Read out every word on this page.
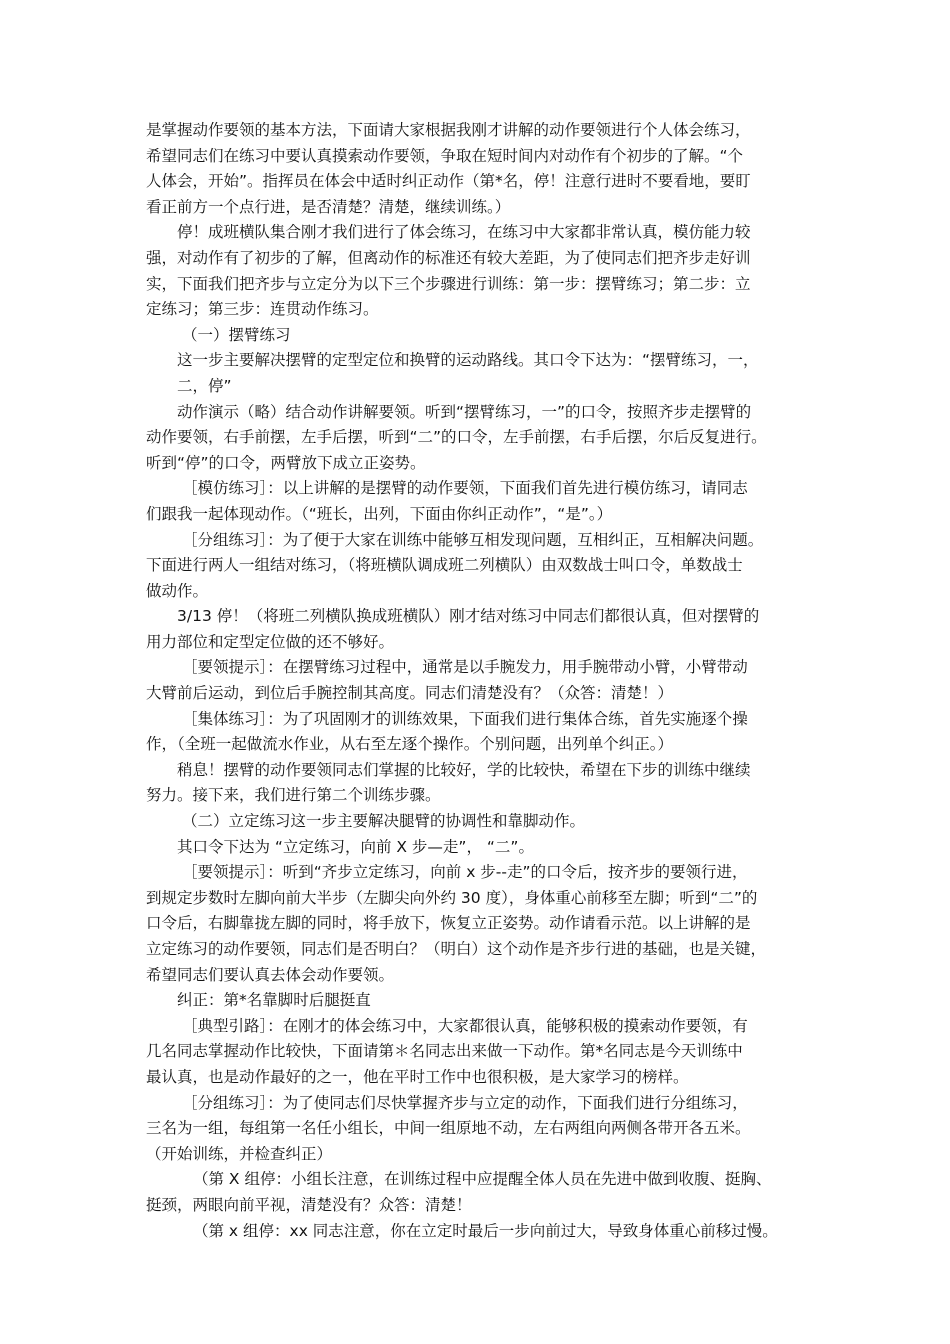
是掌握动作要领的基本方法，下面请大家根据我刚才讲解的动作要领进行个人体会练习，

希望同志们在练习中要认真摸索动作要领，争取在短时间内对动作有个初步的了解。“个

人体会，开始”。指挥员在体会中适时纠正动作（第*名，停！注意行进时不要看地，要盯

看正前方一个点行进，是否清楚？清楚，继续训练。）

停！成班横队集合刚才我们进行了体会练习，在练习中大家都非常认真，模仿能力较

强，对动作有了初步的了解，但离动作的标准还有较大差距，为了使同志们把齐步走好训

实，下面我们把齐步与立定分为以下三个步骤进行训练：第一步：摆臂练习；第二步：立

定练习；第三步：连贯动作练习。

（一）摆臂练习

这一步主要解决摆臂的定型定位和换臂的运动路线。其口令下达为：“摆臂练习，一，

二，停”

动作演示（略）结合动作讲解要领。听到“摆臂练习，一”的口令，按照齐步走摆臂的

动作要领，右手前摆，左手后摆，听到“二”的口令，左手前摆，右手后摆，尔后反复进行。

听到“停”的口令，两臂放下成立正姿势。

［模仿练习］：以上讲解的是摆臂的动作要领，下面我们首先进行模仿练习，请同志

们跟我一起体现动作。（“班长，出列，下面由你纠正动作”，“是”。）

［分组练习］：为了便于大家在训练中能够互相发现问题，互相纠正，互相解决问题。

下面进行两人一组结对练习，（将班横队调成班二列横队）由双数战士叫口令，单数战士

做动作。

3/13 停！（将班二列横队换成班横队）刚才结对练习中同志们都很认真，但对摆臂的

用力部位和定型定位做的还不够好。

［要领提示］：在摆臂练习过程中，通常是以手腕发力，用手腕带动小臂，小臂带动

大臂前后运动，到位后手腕控制其高度。同志们清楚没有？（众答：清楚！）

［集体练习］：为了巩固刚才的训练效果，下面我们进行集体合练，首先实施逐个操

作，（全班一起做流水作业，从右至左逐个操作。个别问题，出列单个纠正。）

稍息！摆臂的动作要领同志们掌握的比较好，学的比较快，希望在下步的训练中继续

努力。接下来，我们进行第二个训练步骤。

（二）立定练习这一步主要解决腿臂的协调性和靠脚动作。

其口令下达为 “立定练习，向前 X 步—走”， “二”。

［要领提示］：听到“齐步立定练习，向前 x 步--走”的口令后，按齐步的要领行进，

到规定步数时左脚向前大半步（左脚尖向外约 30 度），身体重心前移至左脚；听到“二”的

口令后，右脚靠拢左脚的同时，将手放下，恢复立正姿势。动作请看示范。以上讲解的是

立定练习的动作要领，同志们是否明白？（明白）这个动作是齐步行进的基础，也是关键，

希望同志们要认真去体会动作要领。

纠正：第*名靠脚时后腿挺直

［典型引路］：在刚才的体会练习中，大家都很认真，能够积极的摸索动作要领，有

几名同志掌握动作比较快，下面请第＊名同志出来做一下动作。第*名同志是今天训练中

最认真，也是动作最好的之一，他在平时工作中也很积极，是大家学习的榜样。

［分组练习］：为了使同志们尽快掌握齐步与立定的动作，下面我们进行分组练习，

三名为一组，每组第一名任小组长，中间一组原地不动，左右两组向两侧各带开各五米。

（开始训练，并检查纠正）

（第 X 组停：小组长注意，在训练过程中应提醒全体人员在先进中做到收腹、挺胸、

挺颈，两眼向前平视，清楚没有？众答：清楚！

（第 x 组停：xx 同志注意，你在立定时最后一步向前过大，导致身体重心前移过慢。
